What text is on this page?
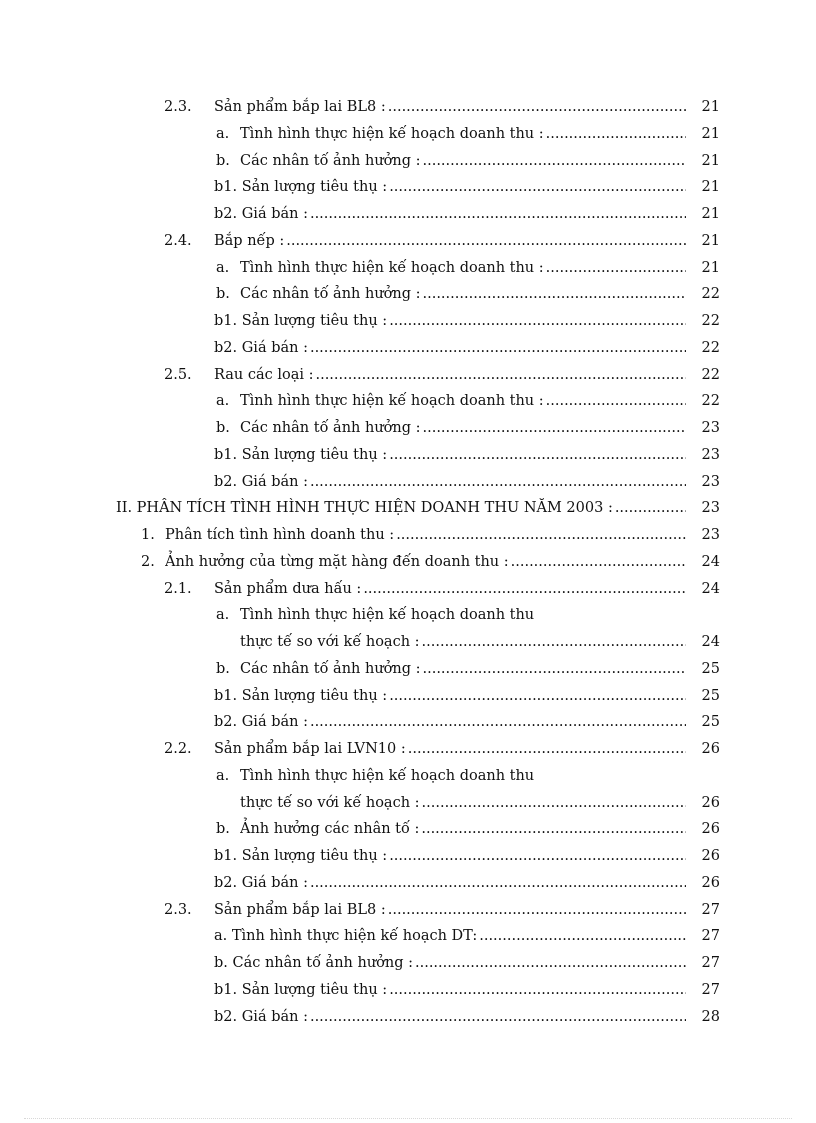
2.3. Sản phẩm bắp lai BL8 : .....	21
a. Tình hình thực hiện kế hoạch doanh thu : .....	21
b. Các nhân tố ảnh hưởng : .....	21
b1. Sản lượng tiêu thụ : .....	21
b2. Giá bán : .....	21
2.4. Bắp nếp : .....	21
a. Tình hình thực hiện kế hoạch doanh thu : .....	21
b. Các nhân tố ảnh hưởng : .....	22
b1. Sản lượng tiêu thụ : .....	22
b2. Giá bán : .....	22
2.5. Rau các loại : .....	22
a. Tình hình thực hiện kế hoạch doanh thu : .....	22
b. Các nhân tố ảnh hưởng : .....	23
b1. Sản lượng tiêu thụ : .....	23
b2. Giá bán : .....	23
II. PHÂN TÍCH TÌNH HÌNH THỰC HIỆN DOANH THU NĂM 2003 : .....	23
1. Phân tích tình hình doanh thu : .....	23
2. Ảnh hưởng của từng mặt hàng đến doanh thu : .....	24
2.1. Sản phẩm dưa hấu : .....	24
a. Tình hình thực hiện kế hoạch doanh thu
thực tế so với kế hoạch : .....	24
b. Các nhân tố ảnh hưởng : .....	25
b1. Sản lượng tiêu thụ : .....	25
b2. Giá bán : .....	25
2.2. Sản phẩm bắp lai LVN10 : .....	26
a. Tình hình thực hiện kế hoạch doanh thu
thực tế so với kế hoạch : .....	26
b. Ảnh hưởng các nhân tố : .....	26
b1. Sản lượng tiêu thụ : .....	26
b2. Giá bán : .....	26
2.3. Sản phẩm bắp lai BL8 : .....	27
a. Tình hình thực hiện kế hoạch DT: .....	27
b. Các nhân tố ảnh hưởng : .....	27
b1. Sản lượng tiêu thụ : .....	27
b2. Giá bán : .....	28
